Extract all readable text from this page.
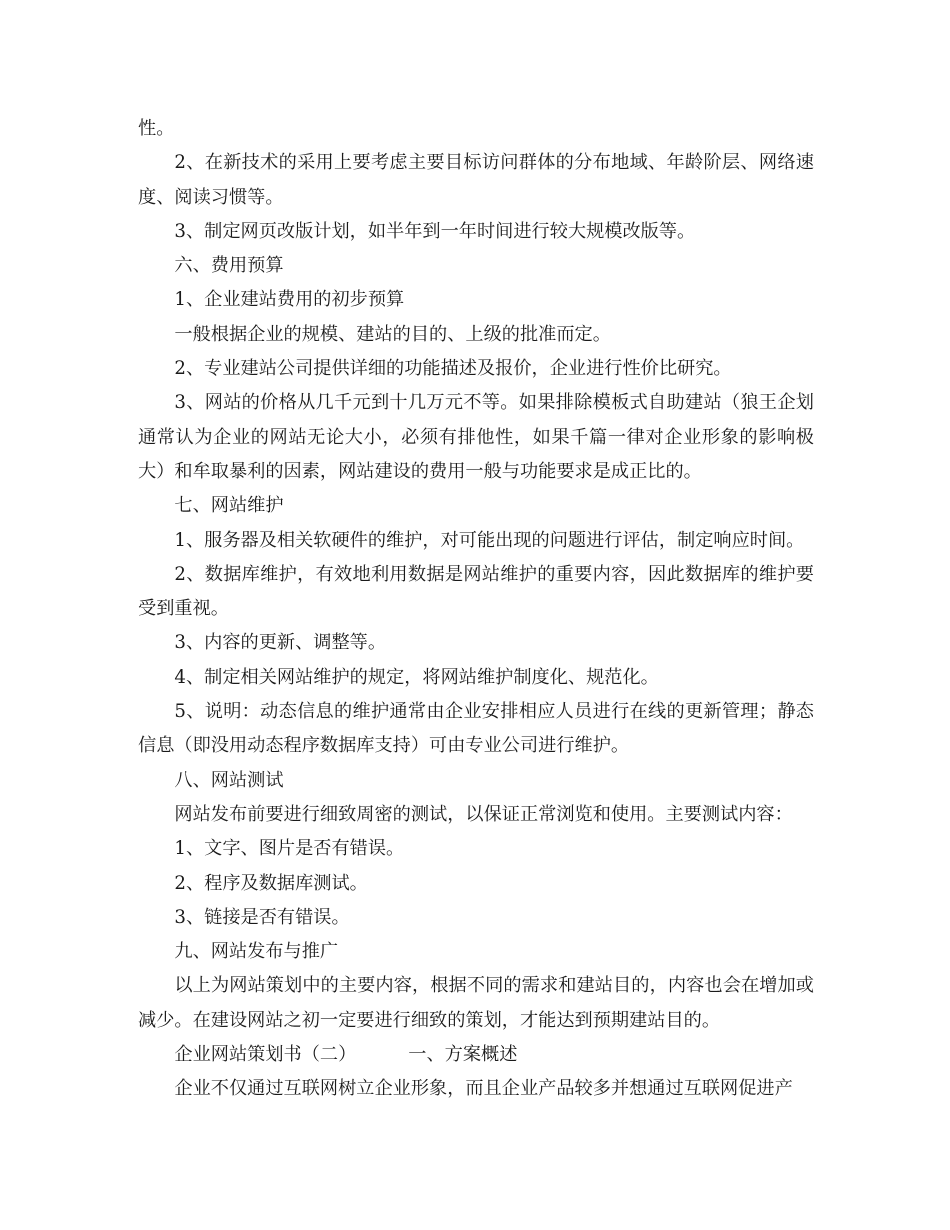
性。

2、在新技术的采用上要考虑主要目标访问群体的分布地域、年龄阶层、网络速度、阅读习惯等。

3、制定网页改版计划，如半年到一年时间进行较大规模改版等。

六、费用预算

1、企业建站费用的初步预算

一般根据企业的规模、建站的目的、上级的批准而定。

2、专业建站公司提供详细的功能描述及报价，企业进行性价比研究。

3、网站的价格从几千元到十几万元不等。如果排除模板式自助建站（狼王企划通常认为企业的网站无论大小，必须有排他性，如果千篇一律对企业形象的影响极大）和牟取暴利的因素，网站建设的费用一般与功能要求是成正比的。

七、网站维护

1、服务器及相关软硬件的维护，对可能出现的问题进行评估，制定响应时间。

2、数据库维护，有效地利用数据是网站维护的重要内容，因此数据库的维护要受到重视。

3、内容的更新、调整等。

4、制定相关网站维护的规定，将网站维护制度化、规范化。

5、说明：动态信息的维护通常由企业安排相应人员进行在线的更新管理；静态信息（即没用动态程序数据库支持）可由专业公司进行维护。

八、网站测试

网站发布前要进行细致周密的测试，以保证正常浏览和使用。主要测试内容：

1、文字、图片是否有错误。

2、程序及数据库测试。

3、链接是否有错误。

九、网站发布与推广

以上为网站策划中的主要内容，根据不同的需求和建站目的，内容也会在增加或减少。在建设网站之初一定要进行细致的策划，才能达到预期建站目的。

企业网站策划书（二）	一、方案概述

企业不仅通过互联网树立企业形象，而且企业产品较多并想通过互联网促进产
